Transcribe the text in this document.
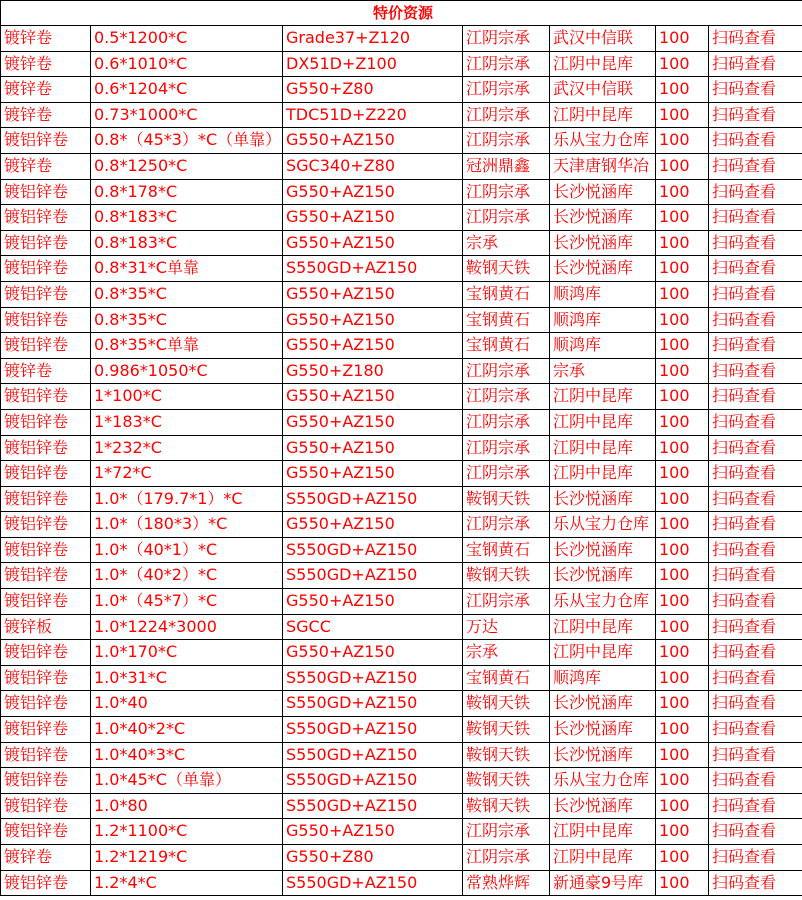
特价资源						
镀锌卷	0.5*1200*C	Grade37+Z120	江阴宗承	武汉中信联	100	扫码查看
镀锌卷	0.6*1010*C	DX51D+Z100	江阴宗承	江阴中昆库	100	扫码查看
镀锌卷	0.6*1204*C	G550+Z80	江阴宗承	武汉中信联	100	扫码查看
镀锌卷	0.73*1000*C	TDC51D+Z220	江阴宗承	江阴中昆库	100	扫码查看
镀铝锌卷	0.8*（45*3）*C（单靠）	G550+AZ150	江阴宗承	乐从宝力仓库	100	扫码查看
镀锌卷	0.8*1250*C	SGC340+Z80	冠洲鼎鑫	天津唐钢华冶	100	扫码查看
镀铝锌卷	0.8*178*C	G550+AZ150	江阴宗承	长沙悦涵库	100	扫码查看
镀铝锌卷	0.8*183*C	G550+AZ150	江阴宗承	长沙悦涵库	100	扫码查看
镀铝锌卷	0.8*183*C	G550+AZ150	宗承	长沙悦涵库	100	扫码查看
镀铝锌卷	0.8*31*C单靠	S550GD+AZ150	鞍钢天铁	长沙悦涵库	100	扫码查看
镀铝锌卷	0.8*35*C	G550+AZ150	宝钢黄石	顺鸿库	100	扫码查看
镀铝锌卷	0.8*35*C	G550+AZ150	宝钢黄石	顺鸿库	100	扫码查看
镀铝锌卷	0.8*35*C单靠	G550+AZ150	宝钢黄石	顺鸿库	100	扫码查看
镀锌卷	0.986*1050*C	G550+Z180	江阴宗承	宗承	100	扫码查看
镀铝锌卷	1*100*C	G550+AZ150	江阴宗承	江阴中昆库	100	扫码查看
镀铝锌卷	1*183*C	G550+AZ150	江阴宗承	江阴中昆库	100	扫码查看
镀铝锌卷	1*232*C	G550+AZ150	江阴宗承	江阴中昆库	100	扫码查看
镀铝锌卷	1*72*C	G550+AZ150	江阴宗承	江阴中昆库	100	扫码查看
镀铝锌卷	1.0*（179.7*1）*C	S550GD+AZ150	鞍钢天铁	长沙悦涵库	100	扫码查看
镀铝锌卷	1.0*（180*3）*C	G550+AZ150	江阴宗承	乐从宝力仓库	100	扫码查看
镀铝锌卷	1.0*（40*1）*C	S550GD+AZ150	宝钢黄石	长沙悦涵库	100	扫码查看
镀铝锌卷	1.0*（40*2）*C	S550GD+AZ150	鞍钢天铁	长沙悦涵库	100	扫码查看
镀铝锌卷	1.0*（45*7）*C	G550+AZ150	江阴宗承	乐从宝力仓库	100	扫码查看
镀锌板	1.0*1224*3000	SGCC	万达	江阴中昆库	100	扫码查看
镀铝锌卷	1.0*170*C	G550+AZ150	宗承	江阴中昆库	100	扫码查看
镀铝锌卷	1.0*31*C	S550GD+AZ150	宝钢黄石	顺鸿库	100	扫码查看
镀铝锌卷	1.0*40	S550GD+AZ150	鞍钢天铁	长沙悦涵库	100	扫码查看
镀铝锌卷	1.0*40*2*C	S550GD+AZ150	鞍钢天铁	长沙悦涵库	100	扫码查看
镀铝锌卷	1.0*40*3*C	S550GD+AZ150	鞍钢天铁	长沙悦涵库	100	扫码查看
镀铝锌卷	1.0*45*C（单靠）	S550GD+AZ150	鞍钢天铁	乐从宝力仓库	100	扫码查看
镀铝锌卷	1.0*80	S550GD+AZ150	鞍钢天铁	长沙悦涵库	100	扫码查看
镀铝锌卷	1.2*1100*C	G550+AZ150	江阴宗承	江阴中昆库	100	扫码查看
镀锌卷	1.2*1219*C	G550+Z80	江阴宗承	江阴中昆库	100	扫码查看
镀铝锌卷	1.2*4*C	S550GD+AZ150	常熟烨辉	新通豪9号库	100	扫码查看
